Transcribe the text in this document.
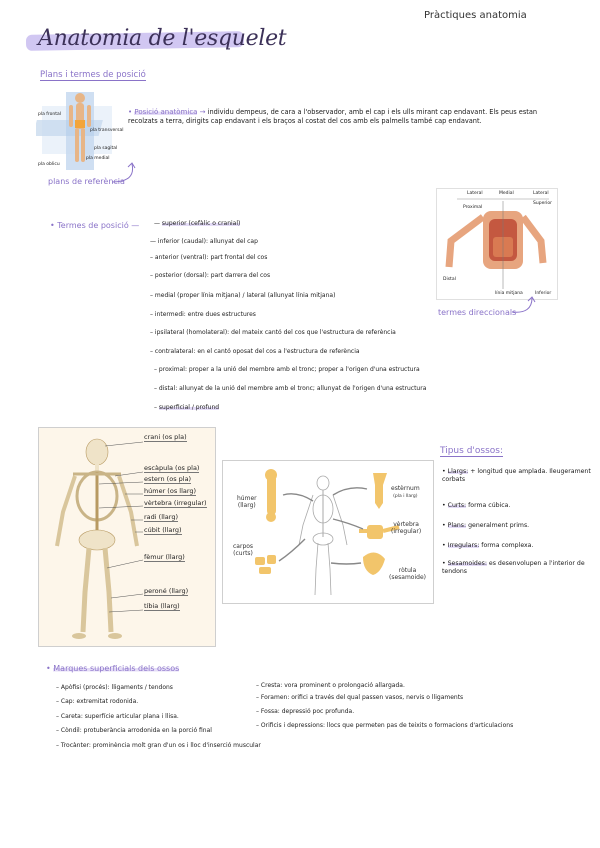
Pràctiques anatomia
Anatomia de l'esquelet
Plans i termes de posició
pla frontal
pla transversal
pla sagital
pla medial
pla oblicu
plans de referència
• Posició anatòmica → individu dempeus, de cara a l'observador, amb el cap i els ulls mirant cap endavant. Els peus estan recolzats a terra, dirigits cap endavant i els braços al costat del cos amb els palmells també cap endavant.
Lateral	Medial	Lateral
Superior
Proximal
Distal
línia mitjana	Inferior
termes direccionals
• Termes de posició — — superior (cefàlic o cranial)
— inferior (caudal): allunyat del cap
– anterior (ventral): part frontal del cos
– posterior (dorsal): part darrera del cos
– medial (proper línia mitjana) / lateral (allunyat línia mitjana)
– intermedi: entre dues estructures
– ipsilateral (homolateral): del mateix cantó del cos que l'estructura de referència
– contralateral: en el cantó oposat del cos a l'estructura de referència
– proximal: proper a la unió del membre amb el tronc; proper a l'origen d'una estructura
– distal: allunyat de la unió del membre amb el tronc; allunyat de l'origen d'una estructura
– superficial / profund
crani (os pla)
escàpula (os pla)
estern (os pla)
húmer (os llarg)
vèrtebra (irregular)
radi (llarg)
cúbit (llarg)
fèmur (llarg)
peroné (llarg)
tíbia (llarg)
húmer
(llarg)
carpos
(curts)
estèrnum
(pla i llarg)
vèrtebra
(irregular)
ròtula
(sesamoide)
Tipus d'ossos:
• Llargs: + longitud que amplada. Ileugerament corbats
• Curts: forma cúbica.
• Plans: generalment prims.
• Irregulars: forma complexa.
• Sesamoides: es desenvolupen a l'interior de tendons
• Marques superficials dels ossos
– Apòfisi (procés): lligaments / tendons
– Cap: extremitat rodonida.
– Careta: superfície articular plana i llisa.
– Còndil: protuberància arrodonida en la porció final
– Trocànter: prominència molt gran d'un os i lloc d'inserció muscular
– Cresta: vora prominent o prolongació allargada.
– Foramen: orifici a través del qual passen vasos, nervis o lligaments
– Fossa: depressió poc profunda.
– Orificis i depressions: llocs que permeten pas de teixits o formacions d'articulacions
